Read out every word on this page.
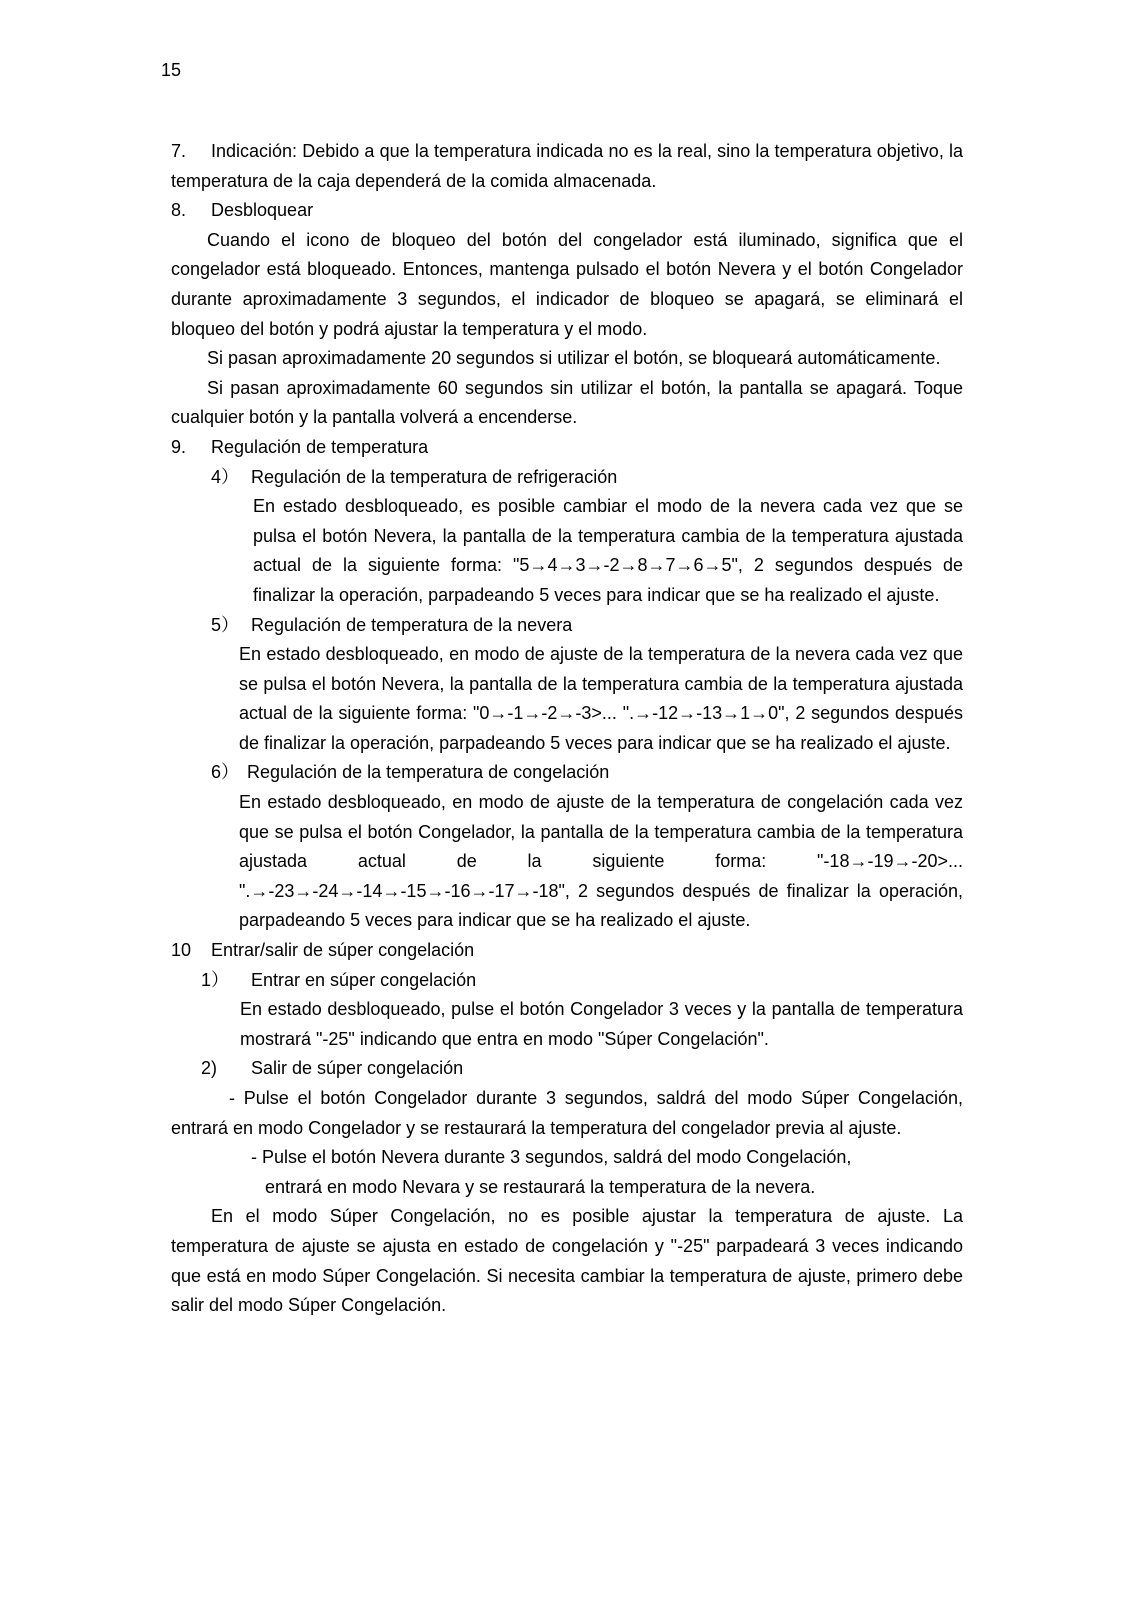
15

7. Indicación: Debido a que la temperatura indicada no es la real, sino la temperatura objetivo, la temperatura de la caja dependerá de la comida almacenada.

8. Desbloquear

Cuando el icono de bloqueo del botón del congelador está iluminado, significa que el congelador está bloqueado. Entonces, mantenga pulsado el botón Nevera y el botón Congelador durante aproximadamente 3 segundos, el indicador de bloqueo se apagará, se eliminará el bloqueo del botón y podrá ajustar la temperatura y el modo.

Si pasan aproximadamente 20 segundos si utilizar el botón, se bloqueará automáticamente.

Si pasan aproximadamente 60 segundos sin utilizar el botón, la pantalla se apagará. Toque cualquier botón y la pantalla volverá a encenderse.

9. Regulación de temperatura

4） Regulación de la temperatura de refrigeración

En estado desbloqueado, es posible cambiar el modo de la nevera cada vez que se pulsa el botón Nevera, la pantalla de la temperatura cambia de la temperatura ajustada actual de la siguiente forma: "5→4→3→-2→8→7→6→5", 2 segundos después de finalizar la operación, parpadeando 5 veces para indicar que se ha realizado el ajuste.

5） Regulación de temperatura de la nevera

En estado desbloqueado, en modo de ajuste de la temperatura de la nevera cada vez que se pulsa el botón Nevera, la pantalla de la temperatura cambia de la temperatura ajustada actual de la siguiente forma: "0→-1→-2→-3>... ".→-12→-13→1→0", 2 segundos después de finalizar la operación, parpadeando 5 veces para indicar que se ha realizado el ajuste.

6） Regulación de la temperatura de congelación

En estado desbloqueado, en modo de ajuste de la temperatura de congelación cada vez que se pulsa el botón Congelador, la pantalla de la temperatura cambia de la temperatura ajustada actual de la siguiente forma: "-18→-19→-20>... ".→-23→-24→-14→-15→-16→-17→-18", 2 segundos después de finalizar la operación, parpadeando 5 veces para indicar que se ha realizado el ajuste.

10 Entrar/salir de súper congelación

1） Entrar en súper congelación

En estado desbloqueado, pulse el botón Congelador 3 veces y la pantalla de temperatura mostrará "-25" indicando que entra en modo "Súper Congelación".

2) Salir de súper congelación

- Pulse el botón Congelador durante 3 segundos, saldrá del modo Súper Congelación, entrará en modo Congelador y se restaurará la temperatura del congelador previa al ajuste.

- Pulse el botón Nevera durante 3 segundos, saldrá del modo Congelación,
entrará en modo Nevara y se restaurará la temperatura de la nevera.

En el modo Súper Congelación, no es posible ajustar la temperatura de ajuste. La temperatura de ajuste se ajusta en estado de congelación y "-25" parpadeará 3 veces indicando que está en modo Súper Congelación. Si necesita cambiar la temperatura de ajuste, primero debe salir del modo Súper Congelación.
